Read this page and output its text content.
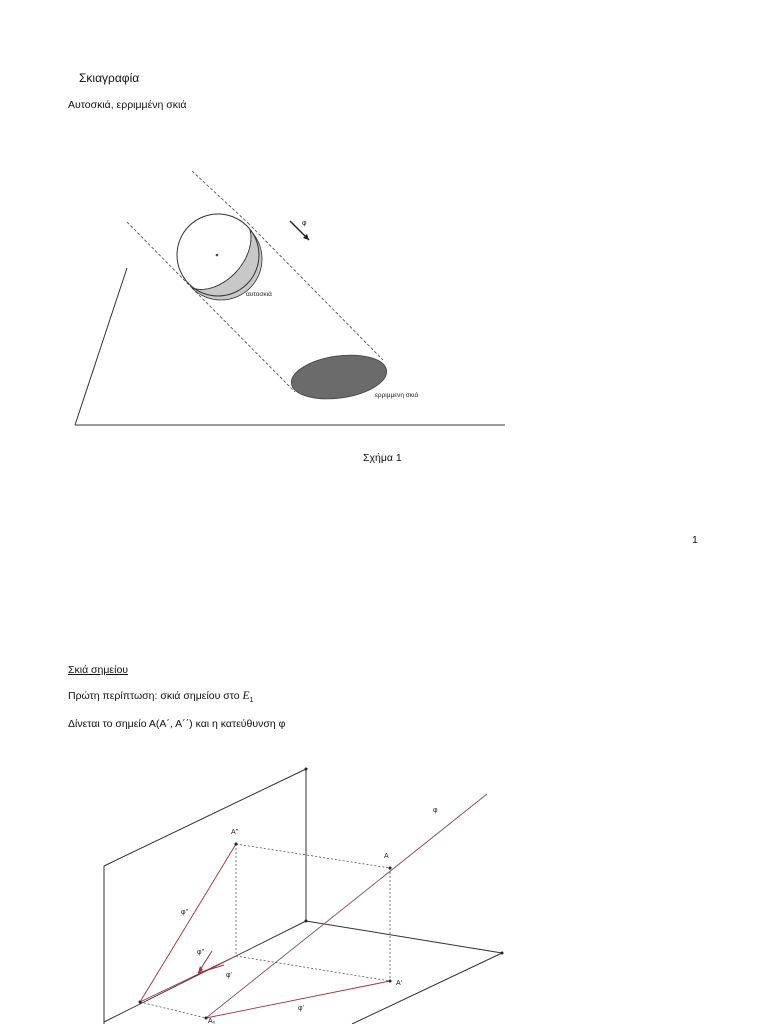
Σκιαγραφία
Αυτοσκιά, ερριμμένη σκιά
φ
αυτοσκιά
ερριμμενη σκιά
Σχήμα 1
1
Σκιά σημείου
Πρώτη περίπτωση: σκιά σημείου στο $E_1$
Δίνεται το σημείο Α(Α΄, Α΄΄) και η κατεύθυνση φ
A''
A
A'
φ
φ''
φ''
φ'
φ'
A₀
